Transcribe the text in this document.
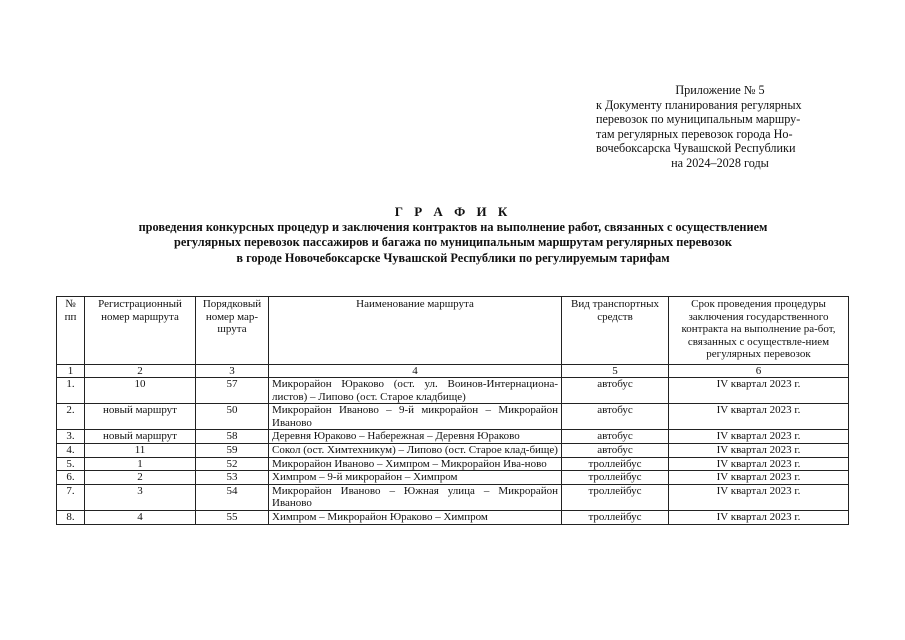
Приложение № 5
к Документу планирования регулярных
перевозок по муниципальным маршру-
там регулярных перевозок города Но-
вочебоксарска Чувашской Республики
на 2024–2028 годы
Г Р А Ф И К
проведения конкурсных процедур и заключения контрактов на выполнение работ, связанных с осуществлением
регулярных перевозок пассажиров и багажа по муниципальным маршрутам регулярных перевозок
в городе Новочебоксарске Чувашской Республики по регулируемым тарифам
№ пп	Регистрационный номер маршрута	Порядковый номер мар-шрута	Наименование маршрута	Вид транспортных средств	Срок проведения процедуры заключения государственного контракта на выполнение ра-бот, связанных с осуществле-нием регулярных перевозок
1	2	3	4	5	6
1.	10	57	Микрорайон Юраково (ост. ул. Воинов-Интернациона-листов) – Липово (ост. Старое кладбище)	автобус	IV квартал 2023 г.
2.	новый маршрут	50	Микрорайон Иваново – 9-й микрорайон – Микрорайон Иваново	автобус	IV квартал 2023 г.
3.	новый маршрут	58	Деревня Юраково – Набережная – Деревня Юраково	автобус	IV квартал 2023 г.
4.	11	59	Сокол (ост. Химтехникум) – Липово (ост. Старое клад-бище)	автобус	IV квартал 2023 г.
5.	1	52	Микрорайон Иваново – Химпром – Микрорайон Ива-ново	троллейбус	IV квартал 2023 г.
6.	2	53	Химпром – 9-й микрорайон – Химпром	троллейбус	IV квартал 2023 г.
7.	3	54	Микрорайон Иваново – Южная улица – Микрорайон Иваново	троллейбус	IV квартал 2023 г.
8.	4	55	Химпром – Микрорайон Юраково – Химпром	троллейбус	IV квартал 2023 г.
